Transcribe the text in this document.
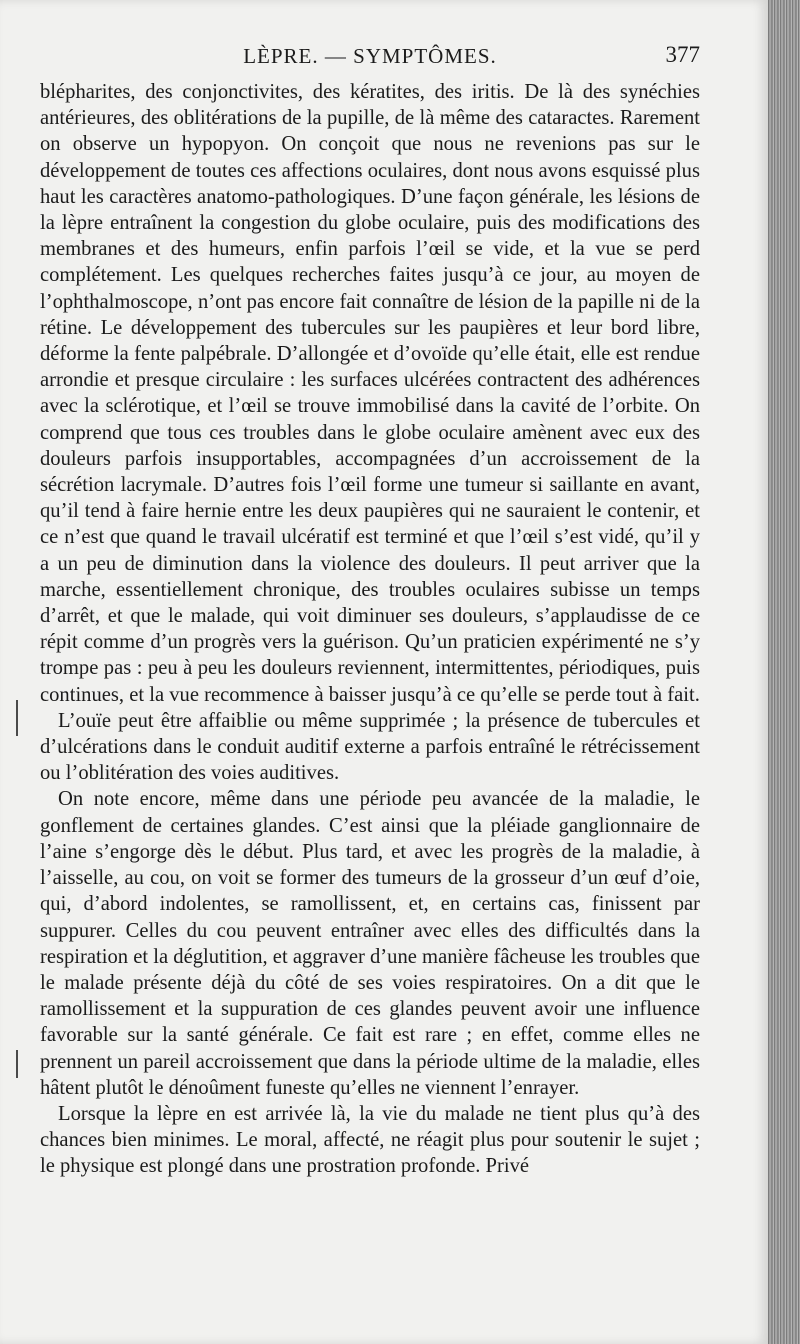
LÈPRE. — SYMPTÔMES.	377

blépharites, des conjonctivites, des kératites, des iritis. De là des synéchies antérieures, des oblitérations de la pupille, de là même des cataractes. Rarement on observe un hypopyon. On conçoit que nous ne revenions pas sur le développement de toutes ces affections oculaires, dont nous avons esquissé plus haut les caractères anatomo-pathologiques. D’une façon générale, les lésions de la lèpre entraînent la congestion du globe oculaire, puis des modifications des membranes et des humeurs, enfin parfois l’œil se vide, et la vue se perd complétement. Les quelques recherches faites jusqu’à ce jour, au moyen de l’ophthalmoscope, n’ont pas encore fait connaître de lésion de la papille ni de la rétine. Le développement des tubercules sur les paupières et leur bord libre, déforme la fente palpébrale. D’allongée et d’ovoïde qu’elle était, elle est rendue arrondie et presque circulaire : les surfaces ulcérées contractent des adhérences avec la sclérotique, et l’œil se trouve immobilisé dans la cavité de l’orbite. On comprend que tous ces troubles dans le globe oculaire amènent avec eux des douleurs parfois insupportables, accompagnées d’un accroissement de la sécrétion lacrymale. D’autres fois l’œil forme une tumeur si saillante en avant, qu’il tend à faire hernie entre les deux paupières qui ne sauraient le contenir, et ce n’est que quand le travail ulcératif est terminé et que l’œil s’est vidé, qu’il y a un peu de diminution dans la violence des douleurs. Il peut arriver que la marche, essentiellement chronique, des troubles oculaires subisse un temps d’arrêt, et que le malade, qui voit diminuer ses douleurs, s’applaudisse de ce répit comme d’un progrès vers la guérison. Qu’un praticien expérimenté ne s’y trompe pas : peu à peu les douleurs reviennent, intermittentes, périodiques, puis continues, et la vue recommence à baisser jusqu’à ce qu’elle se perde tout à fait.

L’ouïe peut être affaiblie ou même supprimée ; la présence de tubercules et d’ulcérations dans le conduit auditif externe a parfois entraîné le rétrécissement ou l’oblitération des voies auditives.

On note encore, même dans une période peu avancée de la maladie, le gonflement de certaines glandes. C’est ainsi que la pléiade ganglionnaire de l’aine s’engorge dès le début. Plus tard, et avec les progrès de la maladie, à l’aisselle, au cou, on voit se former des tumeurs de la grosseur d’un œuf d’oie, qui, d’abord indolentes, se ramollissent, et, en certains cas, finissent par suppurer. Celles du cou peuvent entraîner avec elles des difficultés dans la respiration et la déglutition, et aggraver d’une manière fâcheuse les troubles que le malade présente déjà du côté de ses voies respiratoires. On a dit que le ramollissement et la suppuration de ces glandes peuvent avoir une influence favorable sur la santé générale. Ce fait est rare ; en effet, comme elles ne prennent un pareil accroissement que dans la période ultime de la maladie, elles hâtent plutôt le dénoûment funeste qu’elles ne viennent l’enrayer.

Lorsque la lèpre en est arrivée là, la vie du malade ne tient plus qu’à des chances bien minimes. Le moral, affecté, ne réagit plus pour soutenir le sujet ; le physique est plongé dans une prostration profonde. Privé
